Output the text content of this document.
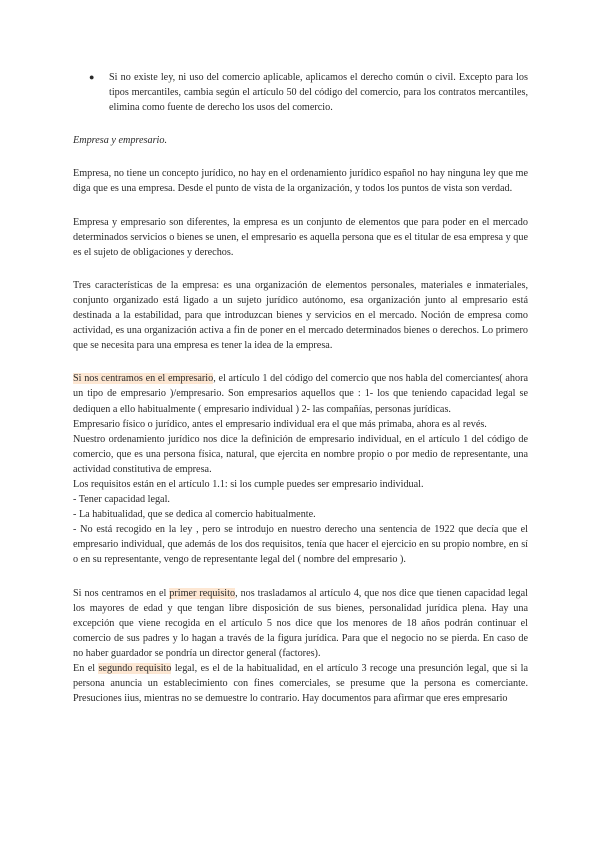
●	Si no existe ley, ni uso del comercio aplicable, aplicamos el derecho común o civil. Excepto para los tipos mercantiles, cambia según el artículo 50 del código del comercio, para los contratos mercantiles, elimina como fuente de derecho los usos del comercio.

Empresa y empresario.

Empresa, no tiene un concepto jurídico, no hay en el ordenamiento jurídico español no hay ninguna ley que me diga que es una empresa. Desde el punto de vista de la organización, y todos los puntos de vista son verdad.

Empresa y empresario son diferentes, la empresa es un conjunto de elementos que para poder en el mercado determinados servicios o bienes se unen, el empresario es aquella persona que es el titular de esa empresa y que es el sujeto de obligaciones y derechos.

Tres características de la empresa: es una organización de elementos personales, materiales e inmateriales, conjunto organizado está ligado a un sujeto jurídico autónomo, esa organización junto al empresario está destinada a la estabilidad, para que introduzcan bienes y servicios en el mercado. Noción de empresa como actividad, es una organización activa a fin de poner en el mercado determinados bienes o derechos. Lo primero que se necesita para una empresa es tener la idea de la empresa.

Si nos centramos en el empresario, el artículo 1 del código del comercio que nos habla del comerciantes( ahora un tipo de empresario )/empresario. Son empresarios aquellos que : 1- los que teniendo capacidad legal se dediquen a ello habitualmente ( empresario individual ) 2- las compañías, personas jurídicas.

Empresario físico o jurídico, antes el empresario individual era el que más primaba, ahora es al revés.

Nuestro ordenamiento jurídico nos dice la definición de empresario individual, en el artículo 1 del código de comercio, que es una persona física, natural, que ejercita en nombre propio o por medio de representante, una actividad constitutiva de empresa.

Los requisitos están en el artículo 1.1: si los cumple puedes ser empresario individual.

- Tener capacidad legal.

- La habitualidad, que se dedica al comercio habitualmente.

- No está recogido en la ley , pero se introdujo en nuestro derecho una sentencia de 1922 que decía que el empresario individual, que además de los dos requisitos, tenía que hacer el ejercicio en su propio nombre, en sí o en su representante, vengo de representante legal del ( nombre del empresario ).

Si nos centramos en el primer requisito, nos trasladamos al artículo 4, que nos dice que tienen capacidad legal los mayores de edad y que tengan libre disposición de sus bienes, personalidad jurídica plena. Hay una excepción que viene recogida en el artículo 5 nos dice que los menores de 18 años podrán continuar el comercio de sus padres y lo hagan a través de la figura jurídica. Para que el negocio no se pierda. En caso de no haber guardador se pondría un director general (factores).

En el segundo requisito legal, es el de la habitualidad, en el artículo 3 recoge una presunción legal, que si la persona anuncia un establecimiento con fines comerciales, se presume que la persona es comerciante. Presuciones iius, mientras no se demuestre lo contrario. Hay documentos para afirmar que eres empresario
